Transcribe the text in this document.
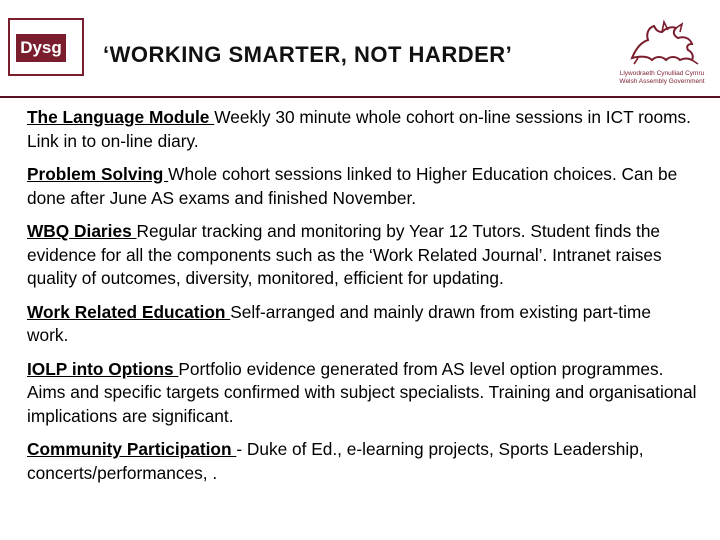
Dysg ‘WORKING SMARTER, NOT HARDER’
Llywodraeth Cynulliad Cymru
Welsh Assembly Government

The Language Module Weekly 30 minute whole cohort on-line sessions in ICT rooms. Link in to on-line diary.

Problem Solving Whole cohort sessions linked to Higher Education choices. Can be done after June AS exams and finished November.

WBQ Diaries Regular tracking and monitoring by Year 12 Tutors. Student finds the evidence for all the components such as the ‘Work Related Journal’. Intranet raises quality of outcomes, diversity, monitored, efficient for updating.

Work Related Education Self-arranged and mainly drawn from existing part-time work.

IOLP into Options Portfolio evidence generated from AS level option programmes. Aims and specific targets confirmed with subject specialists. Training and organisational implications are significant.

Community Participation - Duke of Ed., e-learning projects, Sports Leadership, concerts/performances, .
